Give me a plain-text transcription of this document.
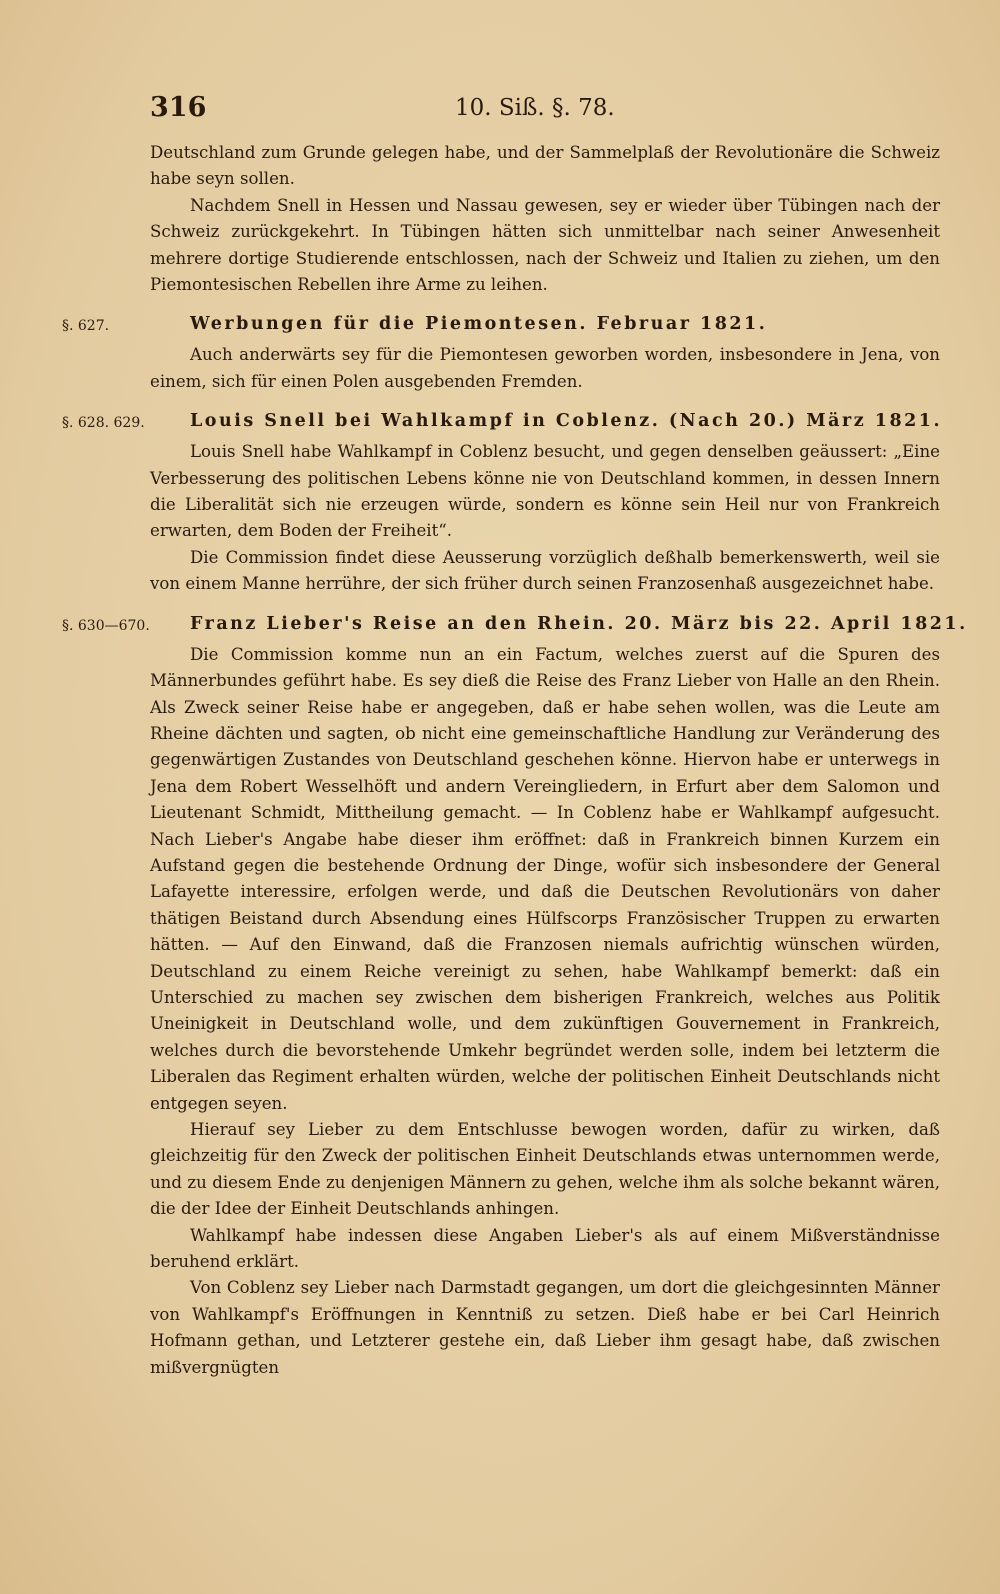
316	10. Siß. §. 78.

Deutschland zum Grunde gelegen habe, und der Sammelplaß der Revolutionäre die Schweiz habe seyn sollen.

Nachdem Snell in Hessen und Nassau gewesen, sey er wieder über Tübingen nach der Schweiz zurückgekehrt. In Tübingen hätten sich unmittelbar nach seiner Anwesenheit mehrere dortige Studierende entschlossen, nach der Schweiz und Italien zu ziehen, um den Piemontesischen Rebellen ihre Arme zu leihen.

§. 627.	Werbungen für die Piemontesen. Februar 1821.

Auch anderwärts sey für die Piemontesen geworben worden, insbesondere in Jena, von einem, sich für einen Polen ausgebenden Fremden.

§. 628. 629.	Louis Snell bei Wahlkampf in Coblenz. (Nach 20.) März 1821.

Louis Snell habe Wahlkampf in Coblenz besucht, und gegen denselben geäussert: „Eine Verbesserung des politischen Lebens könne nie von Deutschland kommen, in dessen Innern die Liberalität sich nie erzeugen würde, sondern es könne sein Heil nur von Frankreich erwarten, dem Boden der Freiheit“.

Die Commission findet diese Aeusserung vorzüglich deßhalb bemerkenswerth, weil sie von einem Manne herrühre, der sich früher durch seinen Franzosenhaß ausgezeichnet habe.

§. 630—670. Franz Lieber's Reise an den Rhein. 20. März bis 22. April 1821.

Die Commission komme nun an ein Factum, welches zuerst auf die Spuren des Männerbundes geführt habe. Es sey dieß die Reise des Franz Lieber von Halle an den Rhein. Als Zweck seiner Reise habe er angegeben, daß er habe sehen wollen, was die Leute am Rheine dächten und sagten, ob nicht eine gemeinschaftliche Handlung zur Veränderung des gegenwärtigen Zustandes von Deutschland geschehen könne. Hiervon habe er unterwegs in Jena dem Robert Wesselhöft und andern Vereingliedern, in Erfurt aber dem Salomon und Lieutenant Schmidt, Mittheilung gemacht. — In Coblenz habe er Wahlkampf aufgesucht. Nach Lieber's Angabe habe dieser ihm eröffnet: daß in Frankreich binnen Kurzem ein Aufstand gegen die bestehende Ordnung der Dinge, wofür sich insbesondere der General Lafayette interessire, erfolgen werde, und daß die Deutschen Revolutionärs von daher thätigen Beistand durch Absendung eines Hülfscorps Französischer Truppen zu erwarten hätten. — Auf den Einwand, daß die Franzosen niemals aufrichtig wünschen würden, Deutschland zu einem Reiche vereinigt zu sehen, habe Wahlkampf bemerkt: daß ein Unterschied zu machen sey zwischen dem bisherigen Frankreich, welches aus Politik Uneinigkeit in Deutschland wolle, und dem zukünftigen Gouvernement in Frankreich, welches durch die bevorstehende Umkehr begründet werden solle, indem bei letzterm die Liberalen das Regiment erhalten würden, welche der politischen Einheit Deutschlands nicht entgegen seyen.

Hierauf sey Lieber zu dem Entschlusse bewogen worden, dafür zu wirken, daß gleichzeitig für den Zweck der politischen Einheit Deutschlands etwas unternommen werde, und zu diesem Ende zu denjenigen Männern zu gehen, welche ihm als solche bekannt wären, die der Idee der Einheit Deutschlands anhingen.

Wahlkampf habe indessen diese Angaben Lieber's als auf einem Mißverständnisse beruhend erklärt.

Von Coblenz sey Lieber nach Darmstadt gegangen, um dort die gleichgesinnten Männer von Wahlkampf's Eröffnungen in Kenntniß zu setzen. Dieß habe er bei Carl Heinrich Hofmann gethan, und Letzterer gestehe ein, daß Lieber ihm gesagt habe, daß zwischen mißvergnügten
